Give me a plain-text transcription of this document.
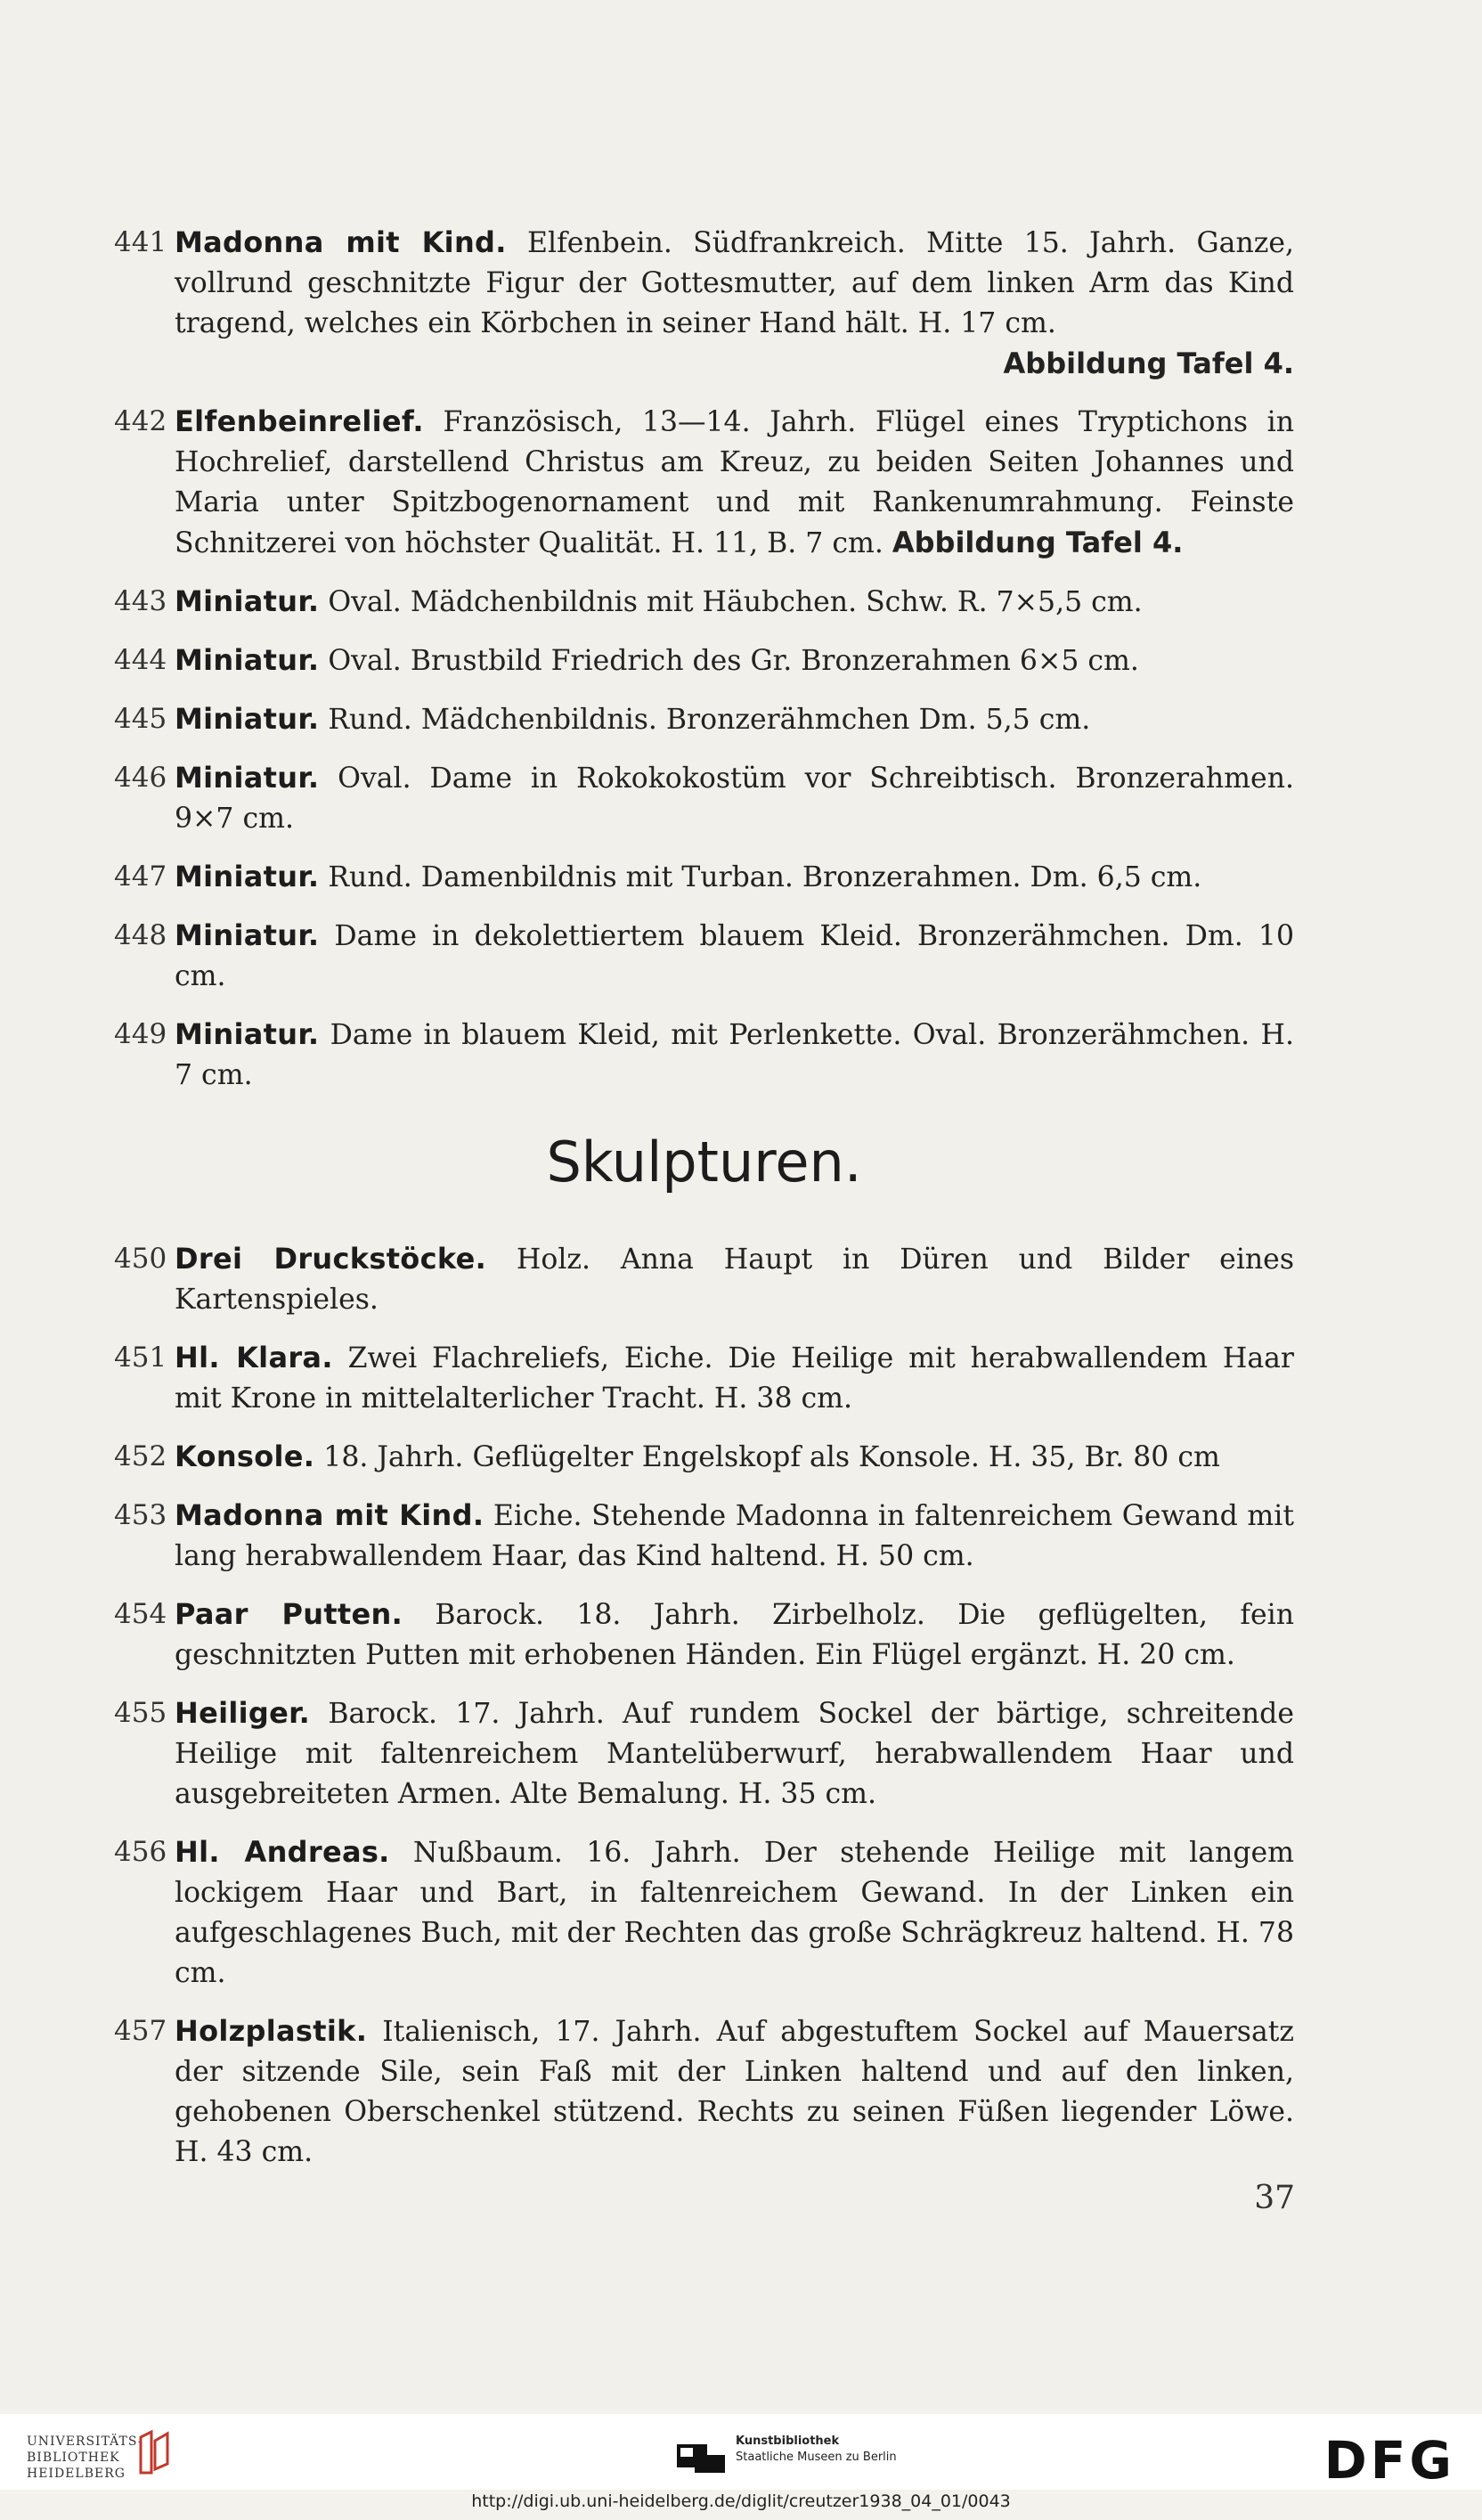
441 Madonna mit Kind. Elfenbein. Südfrankreich. Mitte 15. Jahrh. Ganze, vollrund geschnitzte Figur der Gottesmutter, auf dem linken Arm das Kind tragend, welches ein Körbchen in seiner Hand hält. H. 17 cm.
Abbildung Tafel 4.
442 Elfenbeinrelief. Französisch, 13—14. Jahrh. Flügel eines Tryptichons in Hochrelief, darstellend Christus am Kreuz, zu beiden Seiten Johannes und Maria unter Spitzbogenornament und mit Rankenumrahmung. Feinste Schnitzerei von höchster Qualität. H. 11, B. 7 cm. Abbildung Tafel 4.
443 Miniatur. Oval. Mädchenbildnis mit Häubchen. Schw. R. 7×5,5 cm.
444 Miniatur. Oval. Brustbild Friedrich des Gr. Bronzerahmen 6×5 cm.
445 Miniatur. Rund. Mädchenbildnis. Bronzerähmchen Dm. 5,5 cm.
446 Miniatur. Oval. Dame in Rokokokostüm vor Schreibtisch. Bronzerahmen. 9×7 cm.
447 Miniatur. Rund. Damenbildnis mit Turban. Bronzerahmen. Dm. 6,5 cm.
448 Miniatur. Dame in dekolettiertem blauem Kleid. Bronzerähmchen. Dm. 10 cm.
449 Miniatur. Dame in blauem Kleid, mit Perlenkette. Oval. Bronzerähmchen. H. 7 cm.
Skulpturen.
450 Drei Druckstöcke. Holz. Anna Haupt in Düren und Bilder eines Kartenspieles.
451 Hl. Klara. Zwei Flachreliefs, Eiche. Die Heilige mit herabwallendem Haar mit Krone in mittelalterlicher Tracht. H. 38 cm.
452 Konsole. 18. Jahrh. Geflügelter Engelskopf als Konsole. H. 35, Br. 80 cm
453 Madonna mit Kind. Eiche. Stehende Madonna in faltenreichem Gewand mit lang herabwallendem Haar, das Kind haltend. H. 50 cm.
454 Paar Putten. Barock. 18. Jahrh. Zirbelholz. Die geflügelten, fein geschnitzten Putten mit erhobenen Händen. Ein Flügel ergänzt. H. 20 cm.
455 Heiliger. Barock. 17. Jahrh. Auf rundem Sockel der bärtige, schreitende Heilige mit faltenreichem Mantelüberwurf, herabwallendem Haar und ausgebreiteten Armen. Alte Bemalung. H. 35 cm.
456 Hl. Andreas. Nußbaum. 16. Jahrh. Der stehende Heilige mit langem lockigem Haar und Bart, in faltenreichem Gewand. In der Linken ein aufgeschlagenes Buch, mit der Rechten das große Schrägkreuz haltend. H. 78 cm.
457 Holzplastik. Italienisch, 17. Jahrh. Auf abgestuftem Sockel auf Mauersatz der sitzende Sile, sein Faß mit der Linken haltend und auf den linken, gehobenen Oberschenkel stützend. Rechts zu seinen Füßen liegender Löwe. H. 43 cm.
37
UNIVERSITÄTS-
BIBLIOTHEK
HEIDELBERG
Kunstbibliothek
Staatliche Museen zu Berlin	DFG
http://digi.ub.uni-heidelberg.de/diglit/creutzer1938_04_01/0043
